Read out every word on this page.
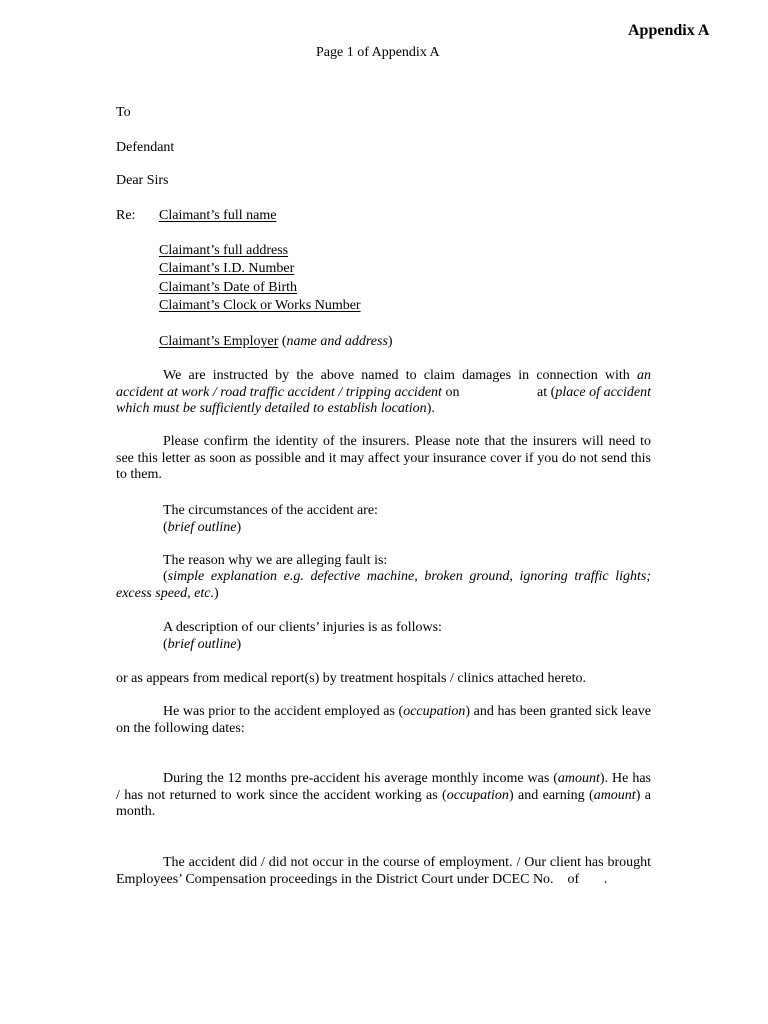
Appendix A
Page 1 of Appendix A
To
Defendant
Dear Sirs
Re: Claimant’s full name
Claimant’s full address
Claimant’s I.D. Number
Claimant’s Date of Birth
Claimant’s Clock or Works Number
Claimant’s Employer (name and address)
We are instructed by the above named to claim damages in connection with an accident at work / road traffic accident / tripping accident on                      at (place of accident which must be sufficiently detailed to establish location).
Please confirm the identity of the insurers. Please note that the insurers will need to see this letter as soon as possible and it may affect your insurance cover if you do not send this to them.
The circumstances of the accident are:
(brief outline)
The reason why we are alleging fault is:
(simple explanation e.g. defective machine, broken ground, ignoring traffic lights; excess speed, etc.)
A description of our clients’ injuries is as follows:
(brief outline)
or as appears from medical report(s) by treatment hospitals / clinics attached hereto.
He was prior to the accident employed as (occupation) and has been granted sick leave on the following dates:
During the 12 months pre-accident his average monthly income was (amount). He has / has not returned to work since the accident working as (occupation) and earning (amount) a month.
The accident did / did not occur in the course of employment. / Our client has brought Employees’ Compensation proceedings in the District Court under DCEC No.    of       .
